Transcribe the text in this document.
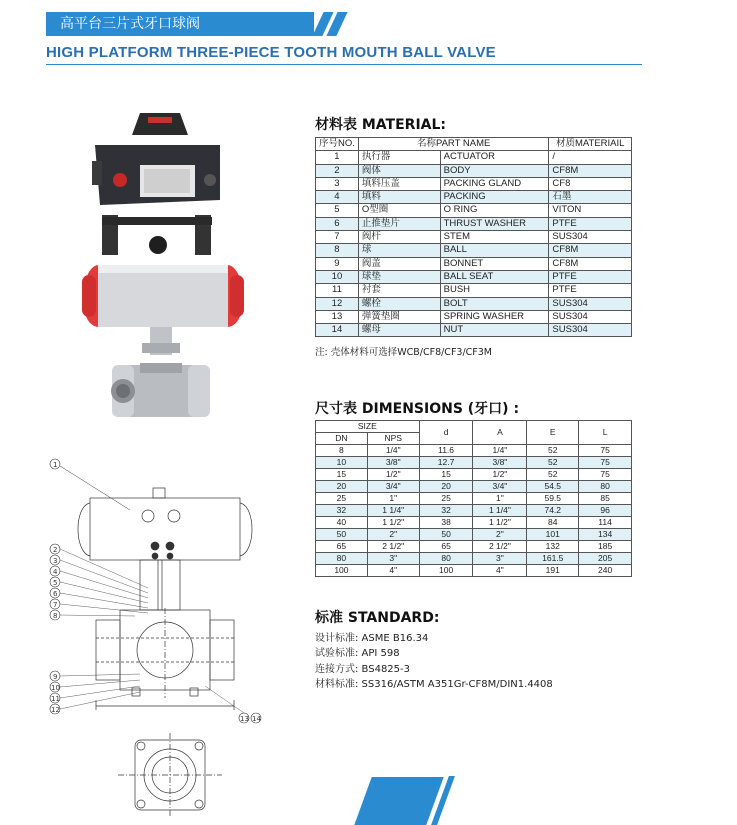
高平台三片式牙口球阀
HIGH PLATFORM THREE-PIECE TOOTH MOUTH BALL VALVE
1
2
3
4
5
6
7
8
9
10
11
12
13 14
材料表 MATERIAL:
序号NO.	名称PART NAME		材质MATERIAIL
1	执行器	ACTUATOR	/
2	阀体	BODY	CF8M
3	填料压盖	PACKING GLAND	CF8
4	填料	PACKING	石墨
5	O型圈	O RING	VITON
6	止推垫片	THRUST WASHER	PTFE
7	阀杆	STEM	SUS304
8	球	BALL	CF8M
9	阀盖	BONNET	CF8M
10	球垫	BALL SEAT	PTFE
11	衬套	BUSH	PTFE
12	螺栓	BOLT	SUS304
13	弹簧垫圈	SPRING WASHER	SUS304
14	螺母	NUT	SUS304
注: 壳体材料可选择WCB/CF8/CF3/CF3M
尺寸表 DIMENSIONS (牙口) :
SIZE		d	A	E	L
DN	NPS				
8	1/4"	11.6	1/4"	52	75
10	3/8"	12.7	3/8"	52	75
15	1/2"	15	1/2"	52	75
20	3/4"	20	3/4"	54.5	80
25	1"	25	1"	59.5	85
32	1 1/4"	32	1 1/4"	74.2	96
40	1 1/2"	38	1 1/2"	84	114
50	2"	50	2"	101	134
65	2 1/2"	65	2 1/2"	132	185
80	3"	80	3"	161.5	205
100	4"	100	4"	191	240
标准 STANDARD:
设计标准: ASME B16.34
试验标准: API 598
连接方式: BS4825-3
材料标准: SS316/ASTM A351Gr-CF8M/DIN1.4408
